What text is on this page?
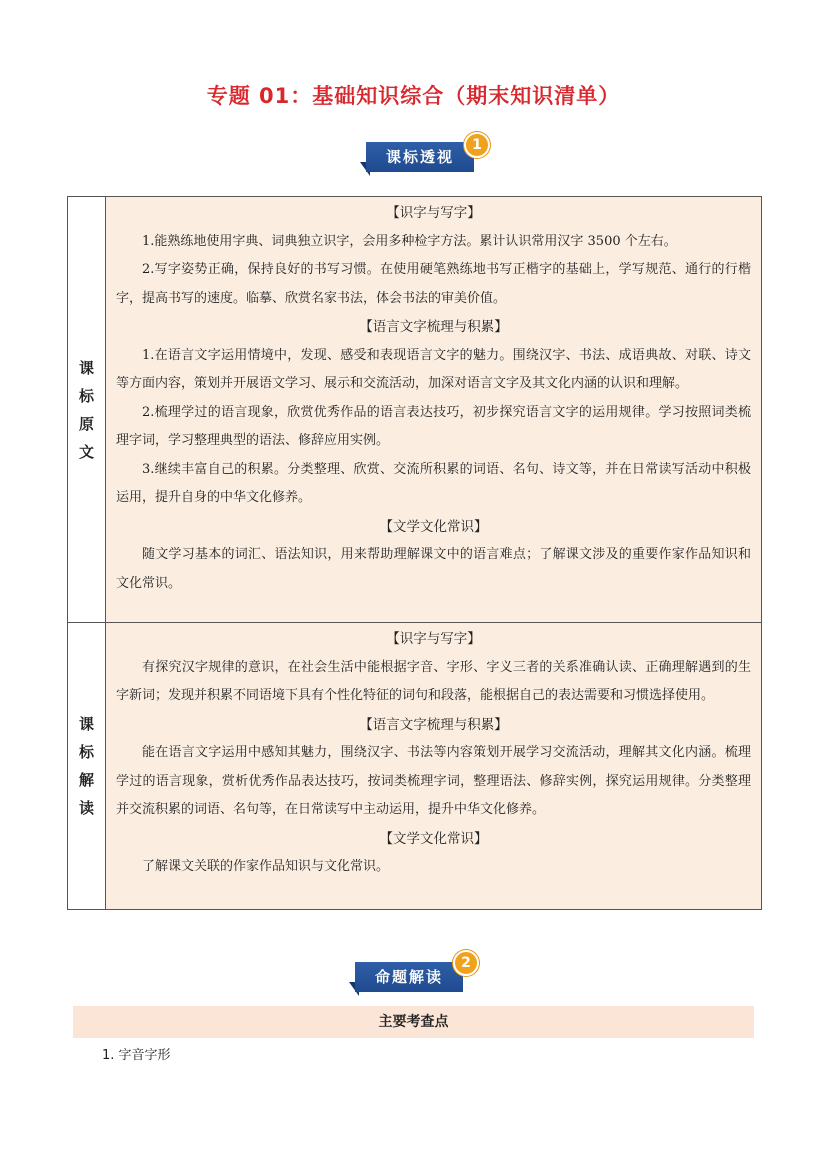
专题 01：基础知识综合（期末知识清单）
课标透视
1
课标原文
【识字与写字】

1.能熟练地使用字典、词典独立识字，会用多种检字方法。累计认识常用汉字 3500 个左右。

2.写字姿势正确，保持良好的书写习惯。在使用硬笔熟练地书写正楷字的基础上，学写规范、通行的行楷字，提高书写的速度。临摹、欣赏名家书法，体会书法的审美价值。

【语言文字梳理与积累】

1.在语言文字运用情境中，发现、感受和表现语言文字的魅力。围绕汉字、书法、成语典故、对联、诗文等方面内容，策划并开展语文学习、展示和交流活动，加深对语言文字及其文化内涵的认识和理解。

2.梳理学过的语言现象，欣赏优秀作品的语言表达技巧，初步探究语言文字的运用规律。学习按照词类梳理字词，学习整理典型的语法、修辞应用实例。

3.继续丰富自己的积累。分类整理、欣赏、交流所积累的词语、名句、诗文等，并在日常读写活动中积极运用，提升自身的中华文化修养。

【文学文化常识】

随文学习基本的词汇、语法知识，用来帮助理解课文中的语言难点；了解课文涉及的重要作家作品知识和文化常识。

课标解读
【识字与写字】

有探究汉字规律的意识，在社会生活中能根据字音、字形、字义三者的关系准确认读、正确理解遇到的生字新词；发现并积累不同语境下具有个性化特征的词句和段落，能根据自己的表达需要和习惯选择使用。

【语言文字梳理与积累】

能在语言文字运用中感知其魅力，围绕汉字、书法等内容策划开展学习交流活动，理解其文化内涵。梳理学过的语言现象，赏析优秀作品表达技巧，按词类梳理字词，整理语法、修辞实例，探究运用规律。分类整理并交流积累的词语、名句等，在日常读写中主动运用，提升中华文化修养。

【文学文化常识】

了解课文关联的作家作品知识与文化常识。

命题解读
2
主要考查点
1. 字音字形
